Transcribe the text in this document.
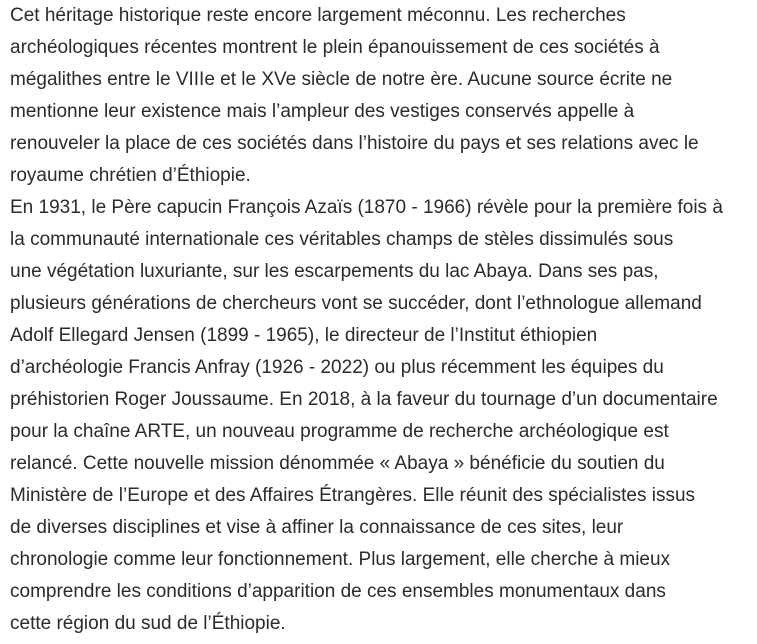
Cet héritage historique reste encore largement méconnu. Les recherches
archéologiques récentes montrent le plein épanouissement de ces sociétés à
mégalithes entre le VIIIe et le XVe siècle de notre ère. Aucune source écrite ne
mentionne leur existence mais l’ampleur des vestiges conservés appelle à
renouveler la place de ces sociétés dans l’histoire du pays et ses relations avec le
royaume chrétien d’Éthiopie.

En 1931, le Père capucin François Azaïs (1870 - 1966) révèle pour la première fois à
la communauté internationale ces véritables champs de stèles dissimulés sous
une végétation luxuriante, sur les escarpements du lac Abaya. Dans ses pas,
plusieurs générations de chercheurs vont se succéder, dont l’ethnologue allemand
Adolf Ellegard Jensen (1899 - 1965), le directeur de l’Institut éthiopien
d’archéologie Francis Anfray (1926 - 2022) ou plus récemment les équipes du
préhistorien Roger Joussaume. En 2018, à la faveur du tournage d’un documentaire
pour la chaîne ARTE, un nouveau programme de recherche archéologique est
relancé. Cette nouvelle mission dénommée « Abaya » bénéficie du soutien du
Ministère de l’Europe et des Affaires Étrangères. Elle réunit des spécialistes issus
de diverses disciplines et vise à affiner la connaissance de ces sites, leur
chronologie comme leur fonctionnement. Plus largement, elle cherche à mieux
comprendre les conditions d’apparition de ces ensembles monumentaux dans
cette région du sud de l’Éthiopie.
